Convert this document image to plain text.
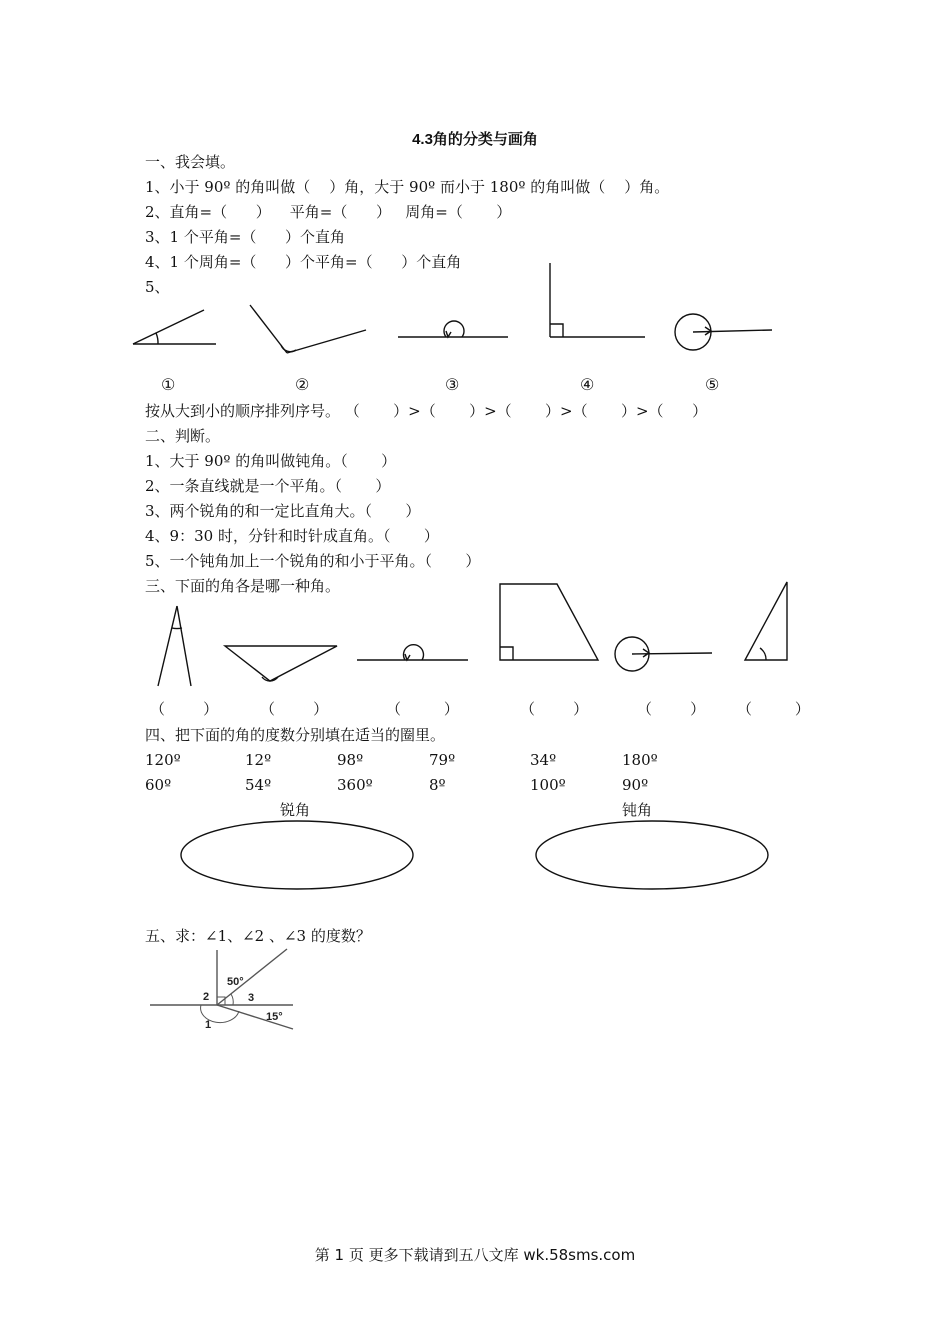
4.3角的分类与画角
一、我会填。
1、小于 90º 的角叫做（    ）角，大于 90º 而小于 180º 的角叫做（    ）角。
2、直角=（      ）    平角=（      ）   周角=（       ）
3、1 个平角=（      ）个直角
4、1 个周角=（      ）个平角=（      ）个直角
5、
①	②	③	④	⑤
按从大到小的顺序排列序号。 （       ）>（       ）>（       ）>（       ）>（      ）
二、判断。
1、大于 90º 的角叫做钝角。（       ）
2、一条直线就是一个平角。（       ）
3、两个锐角的和一定比直角大。（       ）
4、9：30 时，分针和时针成直角。（       ）
5、一个钝角加上一个锐角的和小于平角。（       ）
三、下面的角各是哪一种角。
（        ）	（        ）	（         ）	（        ）	（        ） （         ）
四、把下面的角的度数分别填在适当的圈里。
120º	12º	98º	79º	34º	180º
60º	54º	360º	8º	100º	90º
锐角	钝角
五、求：∠1、∠2 、∠3 的度数？
50°
2	3
1
15°
第 1 页 更多下载请到五八文库 wk.58sms.com
